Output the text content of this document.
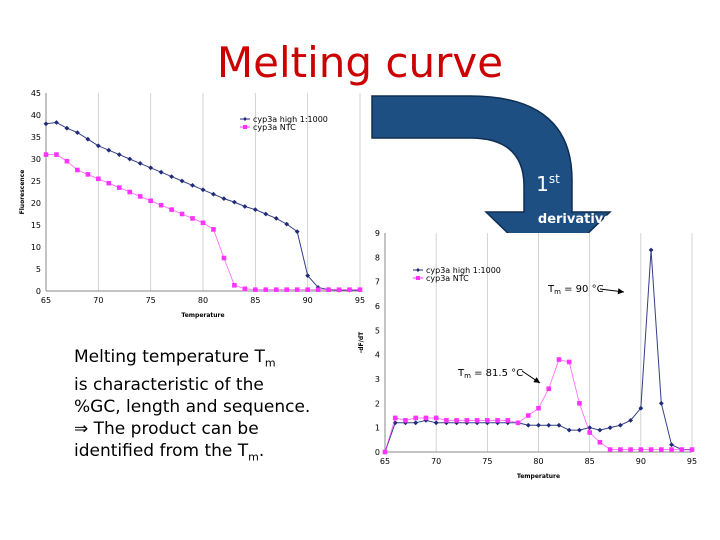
Melting curve
0
5
10
15
20
25
30
35
40
45
65	70	75	80	85	90	95
Temperature
Fluorescence
cyp3a high 1:1000
cyp3a NTC
1st
derivative
0
1
2
3
4
5
6
7
8
9
65	70	75	80	85	90	95
Temperature
-dF/dT
cyp3a high 1:1000
cyp3a NTC
$T_m = 90$ °C
$T_m = 81.5$ °C
Melting temperature $T_m$
is characteristic of the
%GC, length and sequence.
⇒ The product can be
identified from the $T_m$.
